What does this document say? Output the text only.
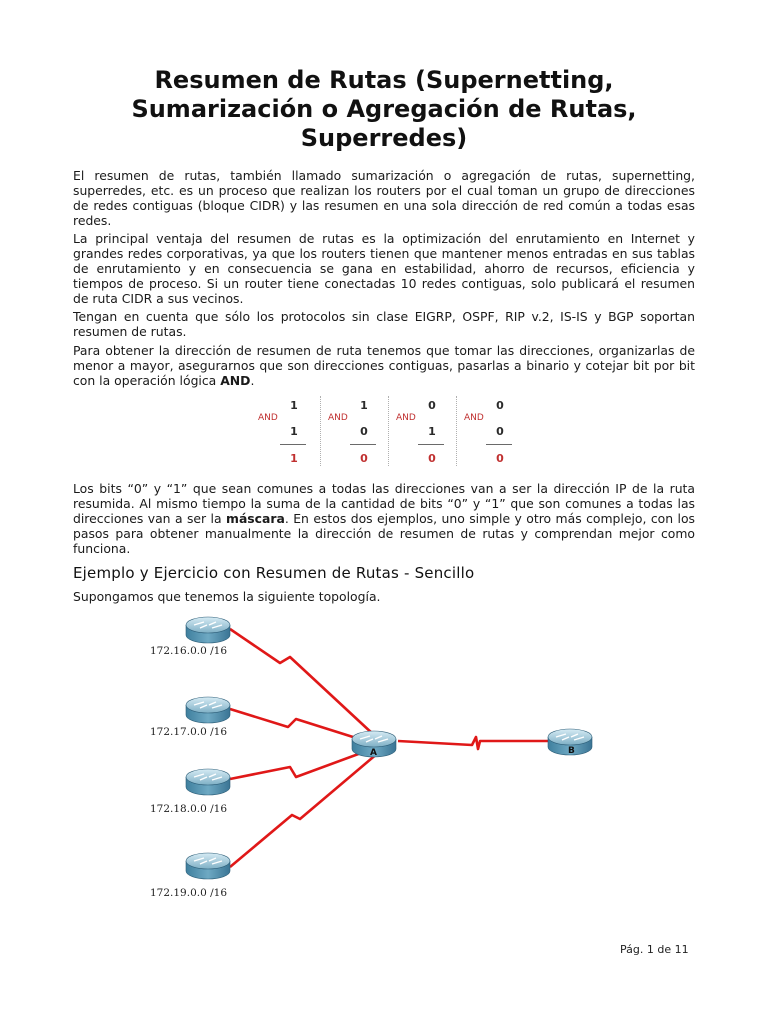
Resumen de Rutas (Supernetting, Sumarización o Agregación de Rutas, Superredes)

El resumen de rutas, también llamado sumarización o agregación de rutas, supernetting, superredes, etc. es un proceso que realizan los routers por el cual toman un grupo de direcciones de redes contiguas (bloque CIDR) y las resumen en una sola dirección de red común a todas esas redes.

La principal ventaja del resumen de rutas es la optimización del enrutamiento en Internet y grandes redes corporativas, ya que los routers tienen que mantener menos entradas en sus tablas de enrutamiento y en consecuencia se gana en estabilidad, ahorro de recursos, eficiencia y tiempos de proceso. Si un router tiene conectadas 10 redes contiguas, solo publicará el resumen de ruta CIDR a sus vecinos.

Tengan en cuenta que sólo los protocolos sin clase EIGRP, OSPF, RIP v.2, IS-IS y BGP soportan resumen de rutas.

Para obtener la dirección de resumen de ruta tenemos que tomar las direcciones, organizarlas de menor a mayor, asegurarnos que son direcciones contiguas, pasarlas a binario y cotejar bit por bit con la operación lógica AND.

AND
1
1
1
AND
1
0
0
AND
0
1
0
AND
0
0
0

Los bits “0” y “1” que sean comunes a todas las direcciones van a ser la dirección IP de la ruta resumida. Al mismo tiempo la suma de la cantidad de bits “0” y “1” que son comunes a todas las direcciones van a ser la máscara. En estos dos ejemplos, uno simple y otro más complejo, con los pasos para obtener manualmente la dirección de resumen de rutas y comprendan mejor como funciona.

Ejemplo y Ejercicio con Resumen de Rutas - Sencillo

Supongamos que tenemos la siguiente topología.

A	B
172.16.0.0 /16
172.17.0.0 /16
172.18.0.0 /16
172.19.0.0 /16
Pág. 1 de 11
